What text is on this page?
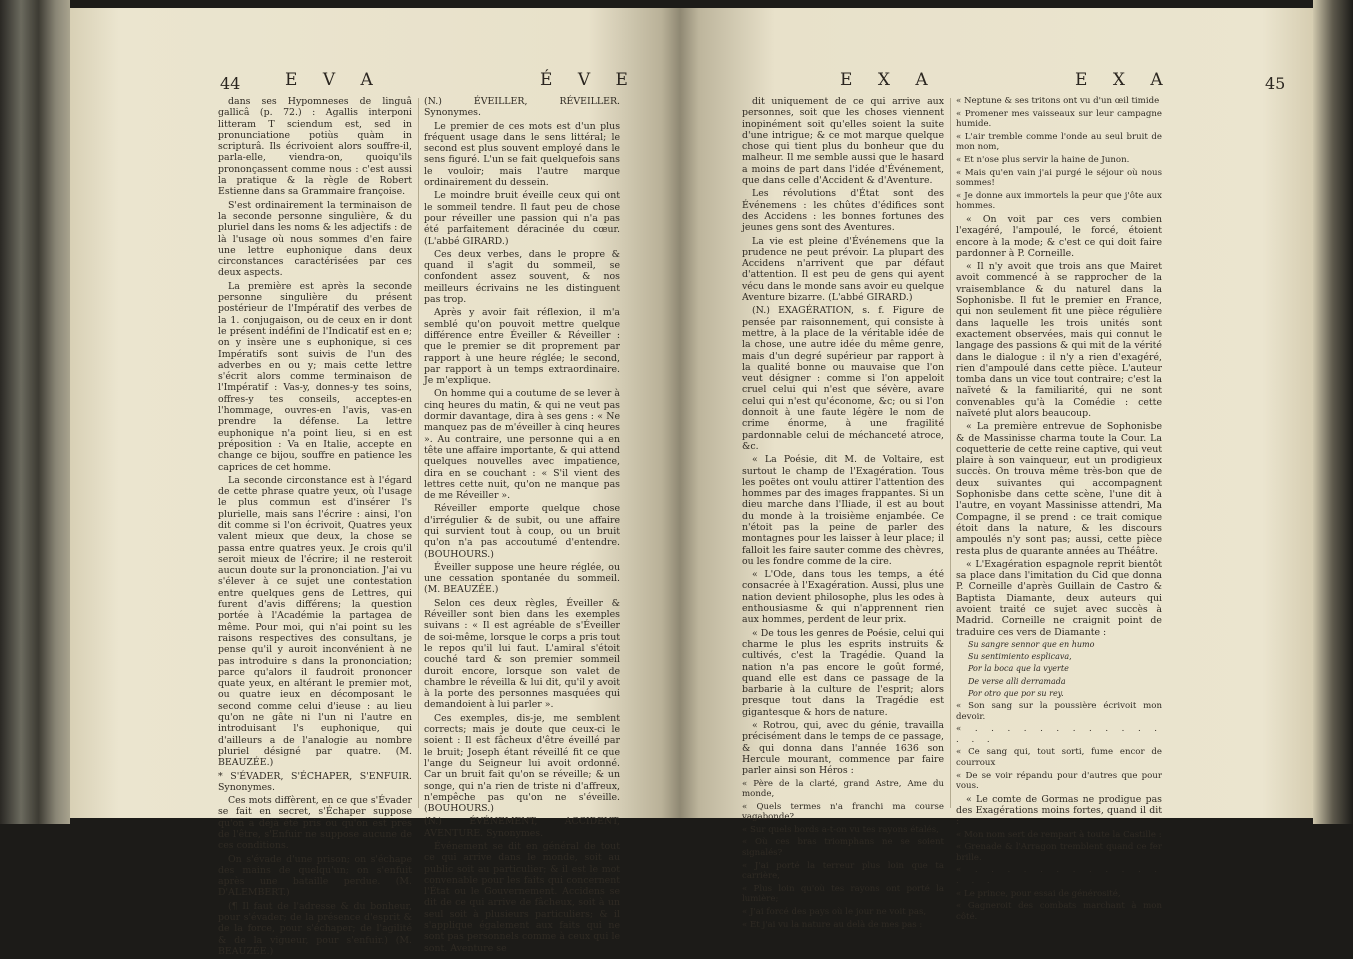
44	E V A	É V E

dans ses Hypomneses de linguâ gallicâ (p. 72.) : Agallis interponi litteram T sciendum est, sed in pronunciatione potiùs quàm in scripturâ. Ils écrivoient alors souffre-il, parla-elle, viendra-on, quoiqu'ils prononçassent comme nous : c'est aussi la pratique & la règle de Robert Estienne dans sa Grammaire françoise.

S'est ordinairement la terminaison de la seconde personne singulière, & du pluriel dans les noms & les adjectifs : de là l'usage où nous sommes d'en faire une lettre euphonique dans deux circonstances caractérisées par ces deux aspects.

La première est après la seconde personne singulière du présent postérieur de l'Impératif des verbes de la 1. conjugaison, ou de ceux en ir dont le présent indéfini de l'Indicatif est en e; on y insère une s euphonique, si ces Impératifs sont suivis de l'un des adverbes en ou y; mais cette lettre s'écrit alors comme terminaison de l'Impératif : Vas-y, donnes-y tes soins, offres-y tes conseils, acceptes-en l'hommage, ouvres-en l'avis, vas-en prendre la défense. La lettre euphonique n'a point lieu, si en est préposition : Va en Italie, accepte en change ce bijou, souffre en patience les caprices de cet homme.

La seconde circonstance est à l'égard de cette phrase quatre yeux, où l'usage le plus commun est d'insérer l's plurielle, mais sans l'écrire : ainsi, l'on dit comme si l'on écrivoit, Quatres yeux valent mieux que deux, la chose se passa entre quatres yeux. Je crois qu'il seroit mieux de l'écrire; il ne resteroit aucun doute sur la prononciation. J'ai vu s'élever à ce sujet une contestation entre quelques gens de Lettres, qui furent d'avis différens; la question portée à l'Académie la partagea de même. Pour moi, qui n'ai point su les raisons respectives des consultans, je pense qu'il y auroit inconvénient à ne pas introduire s dans la prononciation; parce qu'alors il faudroit prononcer quate yeux, en altérant le premier mot, ou quatre ieux en décomposant le second comme celui d'ieuse : au lieu qu'on ne gâte ni l'un ni l'autre en introduisant l's euphonique, qui d'ailleurs a de l'analogie au nombre pluriel désigné par quatre. (M. BEAUZÉE.)

* S'ÉVADER, S'ÉCHAPER, S'ENFUIR. Synonymes.

Ces mots diffèrent, en ce que s'Évader se fait en secret, s'Échaper suppose qu'on a déjà été pris ou qu'on est près de l'être, s'Enfuir ne suppose aucune de ces conditions.

On s'évade d'une prison; on s'échape des mains de quelqu'un; on s'enfuit après une bataille perdue. (M. D'ALEMBERT.)

(¶ Il faut de l'adresse & du bonheur, pour s'évader; de la présence d'esprit & de la force, pour s'échaper; de l'agilité & de la vigueur, pour s'enfuir.) (M. BEAUZÉE.)

(N.) ÉVEILLER, RÉVEILLER. Synonymes.

Le premier de ces mots est d'un plus fréquent usage dans le sens littéral; le second est plus souvent employé dans le sens figuré. L'un se fait quelquefois sans le vouloir; mais l'autre marque ordinairement du dessein.

Le moindre bruit éveille ceux qui ont le sommeil tendre. Il faut peu de chose pour réveiller une passion qui n'a pas été parfaitement déracinée du cœur. (L'abbé GIRARD.)

Ces deux verbes, dans le propre & quand il s'agit du sommeil, se confondent assez souvent, & nos meilleurs écrivains ne les distinguent pas trop.

Après y avoir fait réflexion, il m'a semblé qu'on pouvoit mettre quelque différence entre Éveiller & Réveiller : que le premier se dit proprement par rapport à une heure réglée; le second, par rapport à un temps extraordinaire. Je m'explique.

On homme qui a coutume de se lever à cinq heures du matin, & qui ne veut pas dormir davantage, dira à ses gens : « Ne manquez pas de m'éveiller à cinq heures ». Au contraire, une personne qui a en tête une affaire importante, & qui attend quelques nouvelles avec impatience, dira en se couchant : « S'il vient des lettres cette nuit, qu'on ne manque pas de me Réveiller ».

Réveiller emporte quelque chose d'irrégulier & de subit, ou une affaire qui survient tout à coup, ou un bruit qu'on n'a pas accoutumé d'entendre. (BOUHOURS.)

Éveiller suppose une heure réglée, ou une cessation spontanée du sommeil. (M. BEAUZÉE.)

Selon ces deux règles, Éveiller & Réveiller sont bien dans les exemples suivans : « Il est agréable de s'Éveiller de soi-même, lorsque le corps a pris tout le repos qu'il lui faut. L'amiral s'étoit couché tard & son premier sommeil duroit encore, lorsque son valet de chambre le réveilla & lui dit, qu'il y avoit à la porte des personnes masquées qui demandoient à lui parler ».

Ces exemples, dis-je, me semblent corrects; mais je doute que ceux-ci le soient : Il est fâcheux d'être éveillé par le bruit; Joseph étant réveillé fit ce que l'ange du Seigneur lui avoit ordonné. Car un bruit fait qu'on se réveille; & un songe, qui n'a rien de triste ni d'affreux, n'empêche pas qu'on ne s'éveille. (BOUHOURS.)

(N.) ÉVÉNEMENT, ACCIDENT, AVENTURE. Synonymes.

Événement se dit en général de tout ce qui arrive dans le monde, soit au public soit au particulier; & il est le mot convenable pour les faits qui concernent l'État ou le Gouvernement. Accidens se dit de ce qui arrive de fâcheux, soit à un seul soit à plusieurs particuliers; & il s'applique également aux faits qui ne sont pas personnels comme à ceux qui le sont. Aventure se

E X A	E X A	45

dit uniquement de ce qui arrive aux personnes, soit que les choses viennent inopinément soit qu'elles soient la suite d'une intrigue; & ce mot marque quelque chose qui tient plus du bonheur que du malheur. Il me semble aussi que le hasard a moins de part dans l'idée d'Événement, que dans celle d'Accident & d'Aventure.

Les révolutions d'État sont des Événemens : les chûtes d'édifices sont des Accidens : les bonnes fortunes des jeunes gens sont des Aventures.

La vie est pleine d'Événemens que la prudence ne peut prévoir. La plupart des Accidens n'arrivent que par défaut d'attention. Il est peu de gens qui ayent vécu dans le monde sans avoir eu quelque Aventure bizarre. (L'abbé GIRARD.)

(N.) EXAGÉRATION, s. f. Figure de pensée par raisonnement, qui consiste à mettre, à la place de la véritable idée de la chose, une autre idée du même genre, mais d'un degré supérieur par rapport à la qualité bonne ou mauvaise que l'on veut désigner : comme si l'on appeloit cruel celui qui n'est que sévère, avare celui qui n'est qu'économe, &c; ou si l'on donnoit à une faute légère le nom de crime énorme, à une fragilité pardonnable celui de méchanceté atroce, &c.

« La Poésie, dit M. de Voltaire, est surtout le champ de l'Exagération. Tous les poëtes ont voulu attirer l'attention des hommes par des images frappantes. Si un dieu marche dans l'Iliade, il est au bout du monde à la troisième enjambée. Ce n'étoit pas la peine de parler des montagnes pour les laisser à leur place; il falloit les faire sauter comme des chèvres, ou les fondre comme de la cire.

« L'Ode, dans tous les temps, a été consacrée à l'Exagération. Aussi, plus une nation devient philosophe, plus les odes à enthousiasme & qui n'apprennent rien aux hommes, perdent de leur prix.

« De tous les genres de Poésie, celui qui charme le plus les esprits instruits & cultivés, c'est la Tragédie. Quand la nation n'a pas encore le goût formé, quand elle est dans ce passage de la barbarie à la culture de l'esprit; alors presque tout dans la Tragédie est gigantesque & hors de nature.

« Rotrou, qui, avec du génie, travailla précisément dans le temps de ce passage, & qui donna dans l'année 1636 son Hercule mourant, commence par faire parler ainsi son Héros :

« Père de la clarté, grand Astre, Ame du monde,

« Quels termes n'a franchi ma course vagabonde?

« Sur quels bords a-t-on vu tes rayons étalés,

« Où ces bras triomphans ne se soient signalés?

« J'ai porté la terreur plus loin que ta carrière,

« Plus loin qu'où tes rayons ont porté la lumière;

« J'ai forcé des pays où le jour ne voit pas,

« Et j'ai vu la nature au delà de mes pas :

« Neptune & ses tritons ont vu d'un œil timide

« Promener mes vaisseaux sur leur campagne humide.

« L'air tremble comme l'onde au seul bruit de mon nom,

« Et n'ose plus servir la haine de Junon.

« Mais qu'en vain j'ai purgé le séjour où nous sommes!

« Je donne aux immortels la peur que j'ôte aux hommes.

« On voit par ces vers combien l'exagéré, l'ampoulé, le forcé, étoient encore à la mode; & c'est ce qui doit faire pardonner à P. Corneille.

« Il n'y avoit que trois ans que Mairet avoit commencé à se rapprocher de la vraisemblance & du naturel dans la Sophonisbe. Il fut le premier en France, qui non seulement fit une pièce régulière dans laquelle les trois unités sont exactement observées, mais qui connut le langage des passions & qui mit de la vérité dans le dialogue : il n'y a rien d'exagéré, rien d'ampoulé dans cette pièce. L'auteur tomba dans un vice tout contraire; c'est la naïveté & la familiarité, qui ne sont convenables qu'à la Comédie : cette naïveté plut alors beaucoup.

« La première entrevue de Sophonisbe & de Massinisse charma toute la Cour. La coquetterie de cette reine captive, qui veut plaire à son vainqueur, eut un prodigieux succès. On trouva même très-bon que de deux suivantes qui accompagnent Sophonisbe dans cette scène, l'une dit à l'autre, en voyant Massinisse attendri, Ma Compagne, il se prend : ce trait comique étoit dans la nature, & les discours ampoulés n'y sont pas; aussi, cette pièce resta plus de quarante années au Théâtre.

« L'Exagération espagnole reprit bientôt sa place dans l'imitation du Cid que donna P. Corneille d'après Guillain de Castro & Baptista Diamante, deux auteurs qui avoient traité ce sujet avec succès à Madrid. Corneille ne craignit point de traduire ces vers de Diamante :

Su sangre sennor que en humo

Su sentimiento esplicava,

Por la boca que la vyerte

De verse alli derramada

Por otro que por su rey.

« Son sang sur la poussière écrivoit mon devoir.

« . . . . . . . . . . . . . . .

« Ce sang qui, tout sorti, fume encor de courroux

« De se voir répandu pour d'autres que pour vous.

« Le comte de Gormas ne prodigue pas des Exagérations moins fortes, quand il dit :

« Mon nom sert de rempart à toute la Castille :

« Grenade & l'Arragon tremblent quand ce fer brille.

« . . . . . . . . . . . . . . .

« Le prince, pour essai de générosité,

« Gagneroit des combats marchant à mon côté.
